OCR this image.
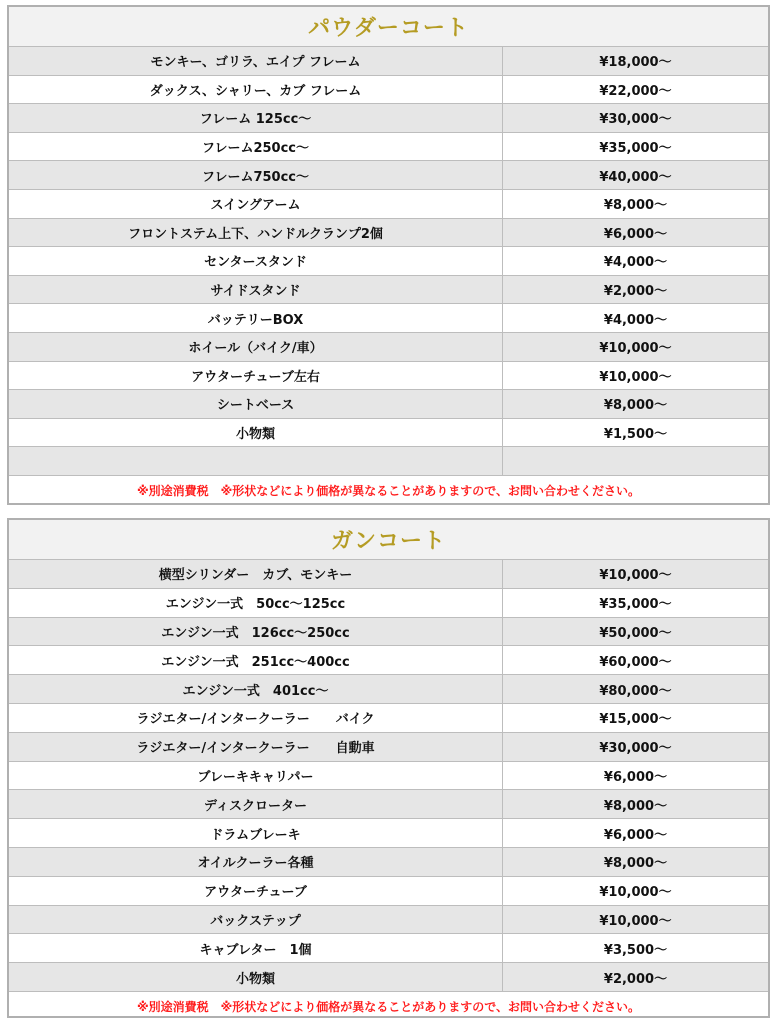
パウダーコート
モンキー、ゴリラ、エイプ フレーム	¥18,000〜
ダックス、シャリー、カブ フレーム	¥22,000〜
フレーム 125cc〜	¥30,000〜
フレーム250cc〜	¥35,000〜
フレーム750cc〜	¥40,000〜
スイングアーム	¥8,000〜
フロントステム上下、ハンドルクランプ2個	¥6,000〜
センタースタンド	¥4,000〜
サイドスタンド	¥2,000〜
バッテリーBOX	¥4,000〜
ホイール（バイク/車）	¥10,000〜
アウターチューブ左右	¥10,000〜
シートベース	¥8,000〜
小物類	¥1,500〜
※別途消費税　※形状などにより価格が異なることがありますので、お問い合わせください。
ガンコート
横型シリンダー　カブ、モンキー	¥10,000〜
エンジン一式　50cc〜125cc	¥35,000〜
エンジン一式　126cc〜250cc	¥50,000〜
エンジン一式　251cc〜400cc	¥60,000〜
エンジン一式　401cc〜	¥80,000〜
ラジエター/インタークーラー　　バイク	¥15,000〜
ラジエター/インタークーラー　　自動車	¥30,000〜
ブレーキキャリパー	¥6,000〜
ディスクローター	¥8,000〜
ドラムブレーキ	¥6,000〜
オイルクーラー各種	¥8,000〜
アウターチューブ	¥10,000〜
バックステップ	¥10,000〜
キャブレター　1個	¥3,500〜
小物類	¥2,000〜
※別途消費税　※形状などにより価格が異なることがありますので、お問い合わせください。
